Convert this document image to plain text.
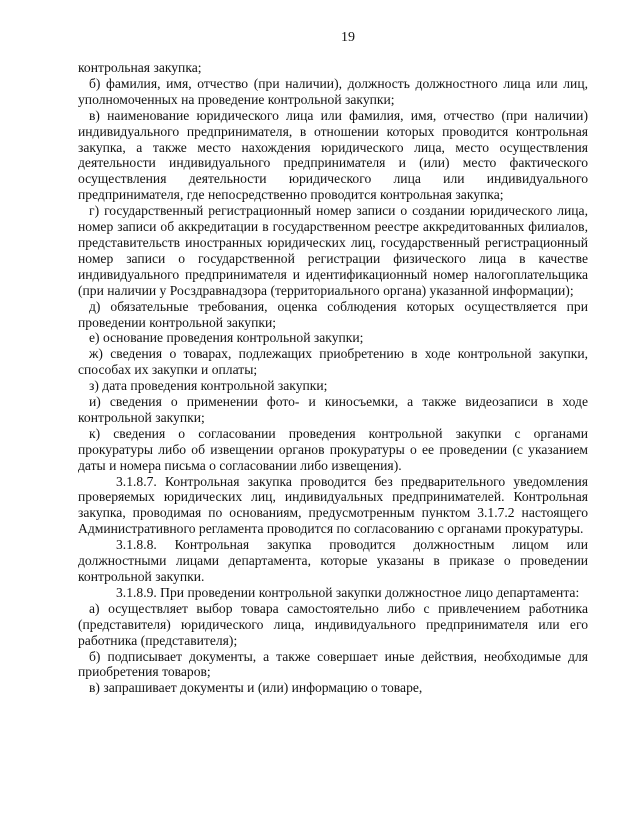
19

контрольная закупка;

б) фамилия, имя, отчество (при наличии), должность должностного лица или лиц, уполномоченных на проведение контрольной закупки;

в) наименование юридического лица или фамилия, имя, отчество (при наличии) индивидуального предпринимателя, в отношении которых проводится контрольная закупка, а также место нахождения юридического лица, место осуществления деятельности индивидуального предпринимателя и (или) место фактического осуществления деятельности юридического лица или индивидуального предпринимателя, где непосредственно проводится контрольная закупка;

г) государственный регистрационный номер записи о создании юридического лица, номер записи об аккредитации в государственном реестре аккредитованных филиалов, представительств иностранных юридических лиц, государственный регистрационный номер записи о государственной регистрации физического лица в качестве индивидуального предпринимателя и идентификационный номер налогоплательщика (при наличии у Росздравнадзора (территориального органа) указанной информации);

д) обязательные требования, оценка соблюдения которых осуществляется при проведении контрольной закупки;

е) основание проведения контрольной закупки;

ж) сведения о товарах, подлежащих приобретению в ходе контрольной закупки, способах их закупки и оплаты;

з) дата проведения контрольной закупки;

и) сведения о применении фото- и киносъемки, а также видеозаписи в ходе контрольной закупки;

к) сведения о согласовании проведения контрольной закупки с органами прокуратуры либо об извещении органов прокуратуры о ее проведении (с указанием даты и номера письма о согласовании либо извещения).

3.1.8.7. Контрольная закупка проводится без предварительного уведомления проверяемых юридических лиц, индивидуальных предпринимателей. Контрольная закупка, проводимая по основаниям, предусмотренным пунктом 3.1.7.2 настоящего Административного регламента проводится по согласованию с органами прокуратуры.

3.1.8.8. Контрольная закупка проводится должностным лицом или должностными лицами департамента, которые указаны в приказе о проведении контрольной закупки.

3.1.8.9. При проведении контрольной закупки должностное лицо департамента:

а) осуществляет выбор товара самостоятельно либо с привлечением работника (представителя) юридического лица, индивидуального предпринимателя или его работника (представителя);

б) подписывает документы, а также совершает иные действия, необходимые для приобретения товаров;

в) запрашивает документы и (или) информацию о товаре,
